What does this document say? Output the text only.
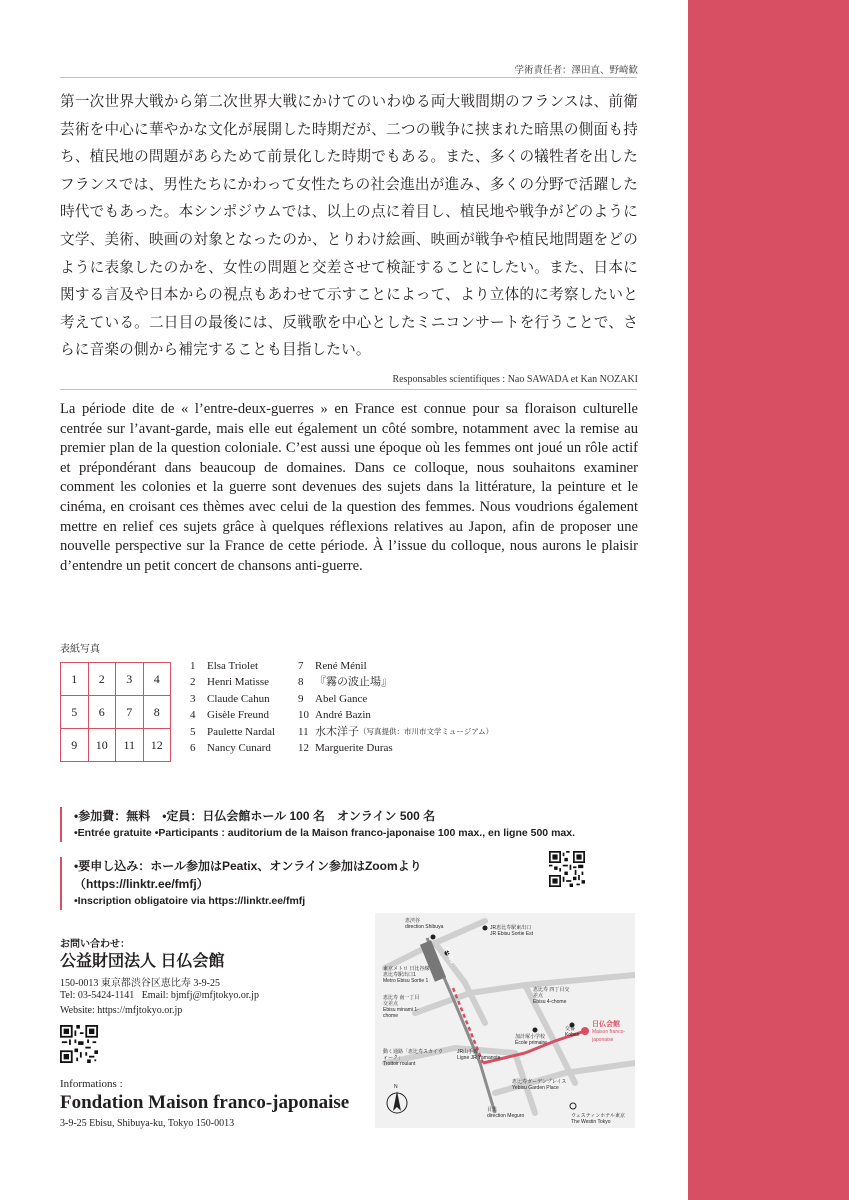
学術責任者：澤田直、野崎歓
第一次世界大戦から第二次世界大戦にかけてのいわゆる両大戦間期のフランスは、前衛芸術を中心に華やかな文化が展開した時期だが、二つの戦争に挟まれた暗黒の側面も持ち、植民地の問題があらためて前景化した時期でもある。また、多くの犠牲者を出したフランスでは、男性たちにかわって女性たちの社会進出が進み、多くの分野で活躍した時代でもあった。本シンポジウムでは、以上の点に着目し、植民地や戦争がどのように文学、美術、映画の対象となったのか、とりわけ絵画、映画が戦争や植民地問題をどのように表象したのかを、女性の問題と交差させて検証することにしたい。また、日本に関する言及や日本からの視点もあわせて示すことによって、より立体的に考察したいと考えている。二日目の最後には、反戦歌を中心としたミニコンサートを行うことで、さらに音楽の側から補完することも目指したい。
Responsables scientifiques : Nao SAWADA et Kan NOZAKI
La période dite de « l’entre-deux-guerres » en France est connue pour sa floraison culturelle centrée sur l’avant-garde, mais elle eut également un côté sombre, notamment avec la remise au premier plan de la question coloniale. C’est aussi une époque où les femmes ont joué un rôle actif et prépondérant dans beaucoup de domaines. Dans ce colloque, nous souhaitons examiner comment les colonies et la guerre sont devenues des sujets dans la littérature, la peinture et le cinéma, en croisant ces thèmes avec celui de la question des femmes. Nous voudrions également mettre en relief ces sujets grâce à quelques réflexions relatives au Japon, afin de proposer une nouvelle perspective sur la France de cette période. À l’issue du colloque, nous aurons le plaisir d’entendre un petit concert de chansons anti-guerre.
表紙写真
1	2	3	4
5	6	7	8
9	10	11	12
1	Elsa Triolet
2	Henri Matisse
3	Claude Cahun
4	Gisèle Freund
5	Paulette Nardal
6	Nancy Cunard
7	René Ménil
8	『霧の波止場』
9	Abel Gance
10 André Bazin
11 水木洋子 （写真提供：市川市文学ミュージアム）
12 Marguerite Duras
•参加費：無料　•定員：日仏会館ホール 100 名　オンライン 500 名
•Entrée gratuite •Participants : auditorium de la Maison franco-japonaise 100 max., en ligne 500 max.
•要申し込み：ホール参加はPeatix、オンライン参加はZoomより（https://linktr.ee/fmfj）
•Inscription obligatoire via https://linktr.ee/fmfj
お問い合わせ：
公益財団法人 日仏会館
150-0013 東京都渋谷区恵比寿 3-9-25
Tel: 03-5424-1141 Email: bjmfj@mfjtokyo.or.jp
Website: https://mfjtokyo.or.jp
Informations :
Fondation Maison franco-japonaise
3-9-25 Ebisu, Shibuya-ku, Tokyo 150-0013
恵渋谷
direction Shibuya	JR恵比寿駅東出口
JR Ebisu Sortie Est
Ebisu
東京メトロ 日比谷線 恵比寿駅出口1
Metro Ebisu Sortie 1
恵比寿 南一丁目 交差点
Ebisu minami 1-chome
恵比寿 四丁目交差点
Ebisu 4-chome
交番
Koban
加計塚小学校
École primaire
日仏会館
Maison franco-japonaise
動く通路「恵比寿スカイウォーク」
Trottoir roulant
JR山手線
Ligne JR Yamanote
恵比寿ガーデンプレイス
Yebisu Garden Place
目黒
direction Meguro	ウェスティンホテル東京
The Westin Tokyo
N
